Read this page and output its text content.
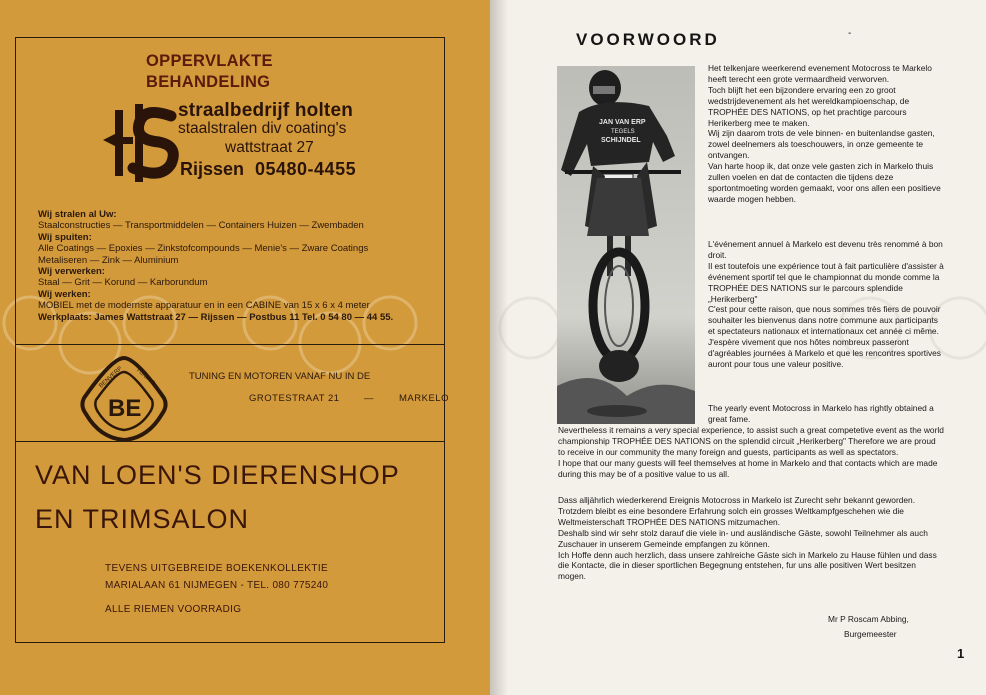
OPPERVLAKTE
BEHANDELING
HS
straalbedrijf holten
staalstralen div coating's
wattstraat 27
Rijssen 05480-4455
Wij stralen al Uw:
Staalconstructies — Transportmiddelen — Containers Huizen — Zwembaden
Wij spuiten:
Alle Coatings — Epoxies — Zinkstofcompounds — Menie's — Zware Coatings
Metaliseren — Zink — Aluminium
Wij verwerken:
Staal — Grit — Korund — Karborundum
Wij werken:
MOBIEL met de modernste apparatuur en in een CABINE van 15 x 6 x 4 meter
Werkplaats: James Wattstraat 27 — Rijssen — Postbus 11 Tel. 0 54 80 — 44 55.
BENVERP TUNING
BE
TUNING EN MOTOREN VANAF NU IN DE
GROTESTRAAT 21	—	MARKELO
VAN LOEN'S DIERENSHOP
EN TRIMSALON
TEVENS UITGEBREIDE BOEKENKOLLEKTIE
MARIALAAN 61 NIJMEGEN - TEL. 080 775240
ALLE RIEMEN VOORRADIG
VOORWOORD	-
JAN VAN ERP
TEGELS
SCHIJNDEL

Het telkenjare weerkerend evenement Motocross te Markelo heeft terecht een grote vermaardheid verworven.

Toch blijft het een bijzondere ervaring een zo groot wedstrijdevenement als het wereldkampioenschap, de TROPHÉE DES NATIONS, op het prachtige parcours Herikerberg mee te maken.

Wij zijn daarom trots de vele binnen- en buitenlandse gasten, zowel deelnemers als toeschouwers, in onze gemeente te ontvangen.

Van harte hoop ik, dat onze vele gasten zich in Markelo thuis zullen voelen en dat de contacten die tijdens deze sportontmoeting worden gemaakt, voor ons allen een positieve waarde mogen hebben.

L'événement annuel à Markelo est devenu très renommé à bon droit.

Il est toutefois une expérience tout à fait particulière d'assister à événement sportif tel que le championnat du monde comme la TROPHÉE DES NATIONS sur le parcours splendide „Herikerberg"

C'est pour cette raison, que nous sommes très fiers de pouvoir souhaiter les bienvenus dans notre commune aux participants et spectateurs nationaux et internationaux cet année ci même.

J'espère vivement que nos hôtes nombreux passeront d'agréables journées à Markelo et que les rencontres sportives auront pour tous une valeur positive.

The yearly event Motocross in Markelo has rightly obtained a great fame.

Nevertheless it remains a very special experience, to assist such a great competetive event as the world championship TROPHÉE DES NATIONS on the splendid circuit „Herikerberg" Therefore we are proud to receive in our community the many foreign and guests, participants as well as spectators.

I hope that our many guests will feel themselves at home in Markelo and that contacts which are made during this may be of a positive value to us all.

Dass alljährlich wiederkerend Ereignis Motocross in Markelo ist Zurecht sehr bekannt geworden.

Trotzdem bleibt es eine besondere Erfahrung solch ein grosses Weltkampfgeschehen wie die Weltmeisterschaft TROPHÉE DES NATIONS mitzumachen.

Deshalb sind wir sehr stolz darauf die viele in- und ausländische Gäste, sowohl Teilnehmer als auch Zuschauer in unserem Gemeinde empfangen zu können.

Ich Hoffe denn auch herzlich, dass unsere zahlreiche Gäste sich in Markelo zu Hause fühlen und dass die Kontacte, die in dieser sportlichen Begegnung entstehen, fur uns alle positiven Wert besitzen mogen.

Mr P Roscam Abbing,
Burgemeester
1
